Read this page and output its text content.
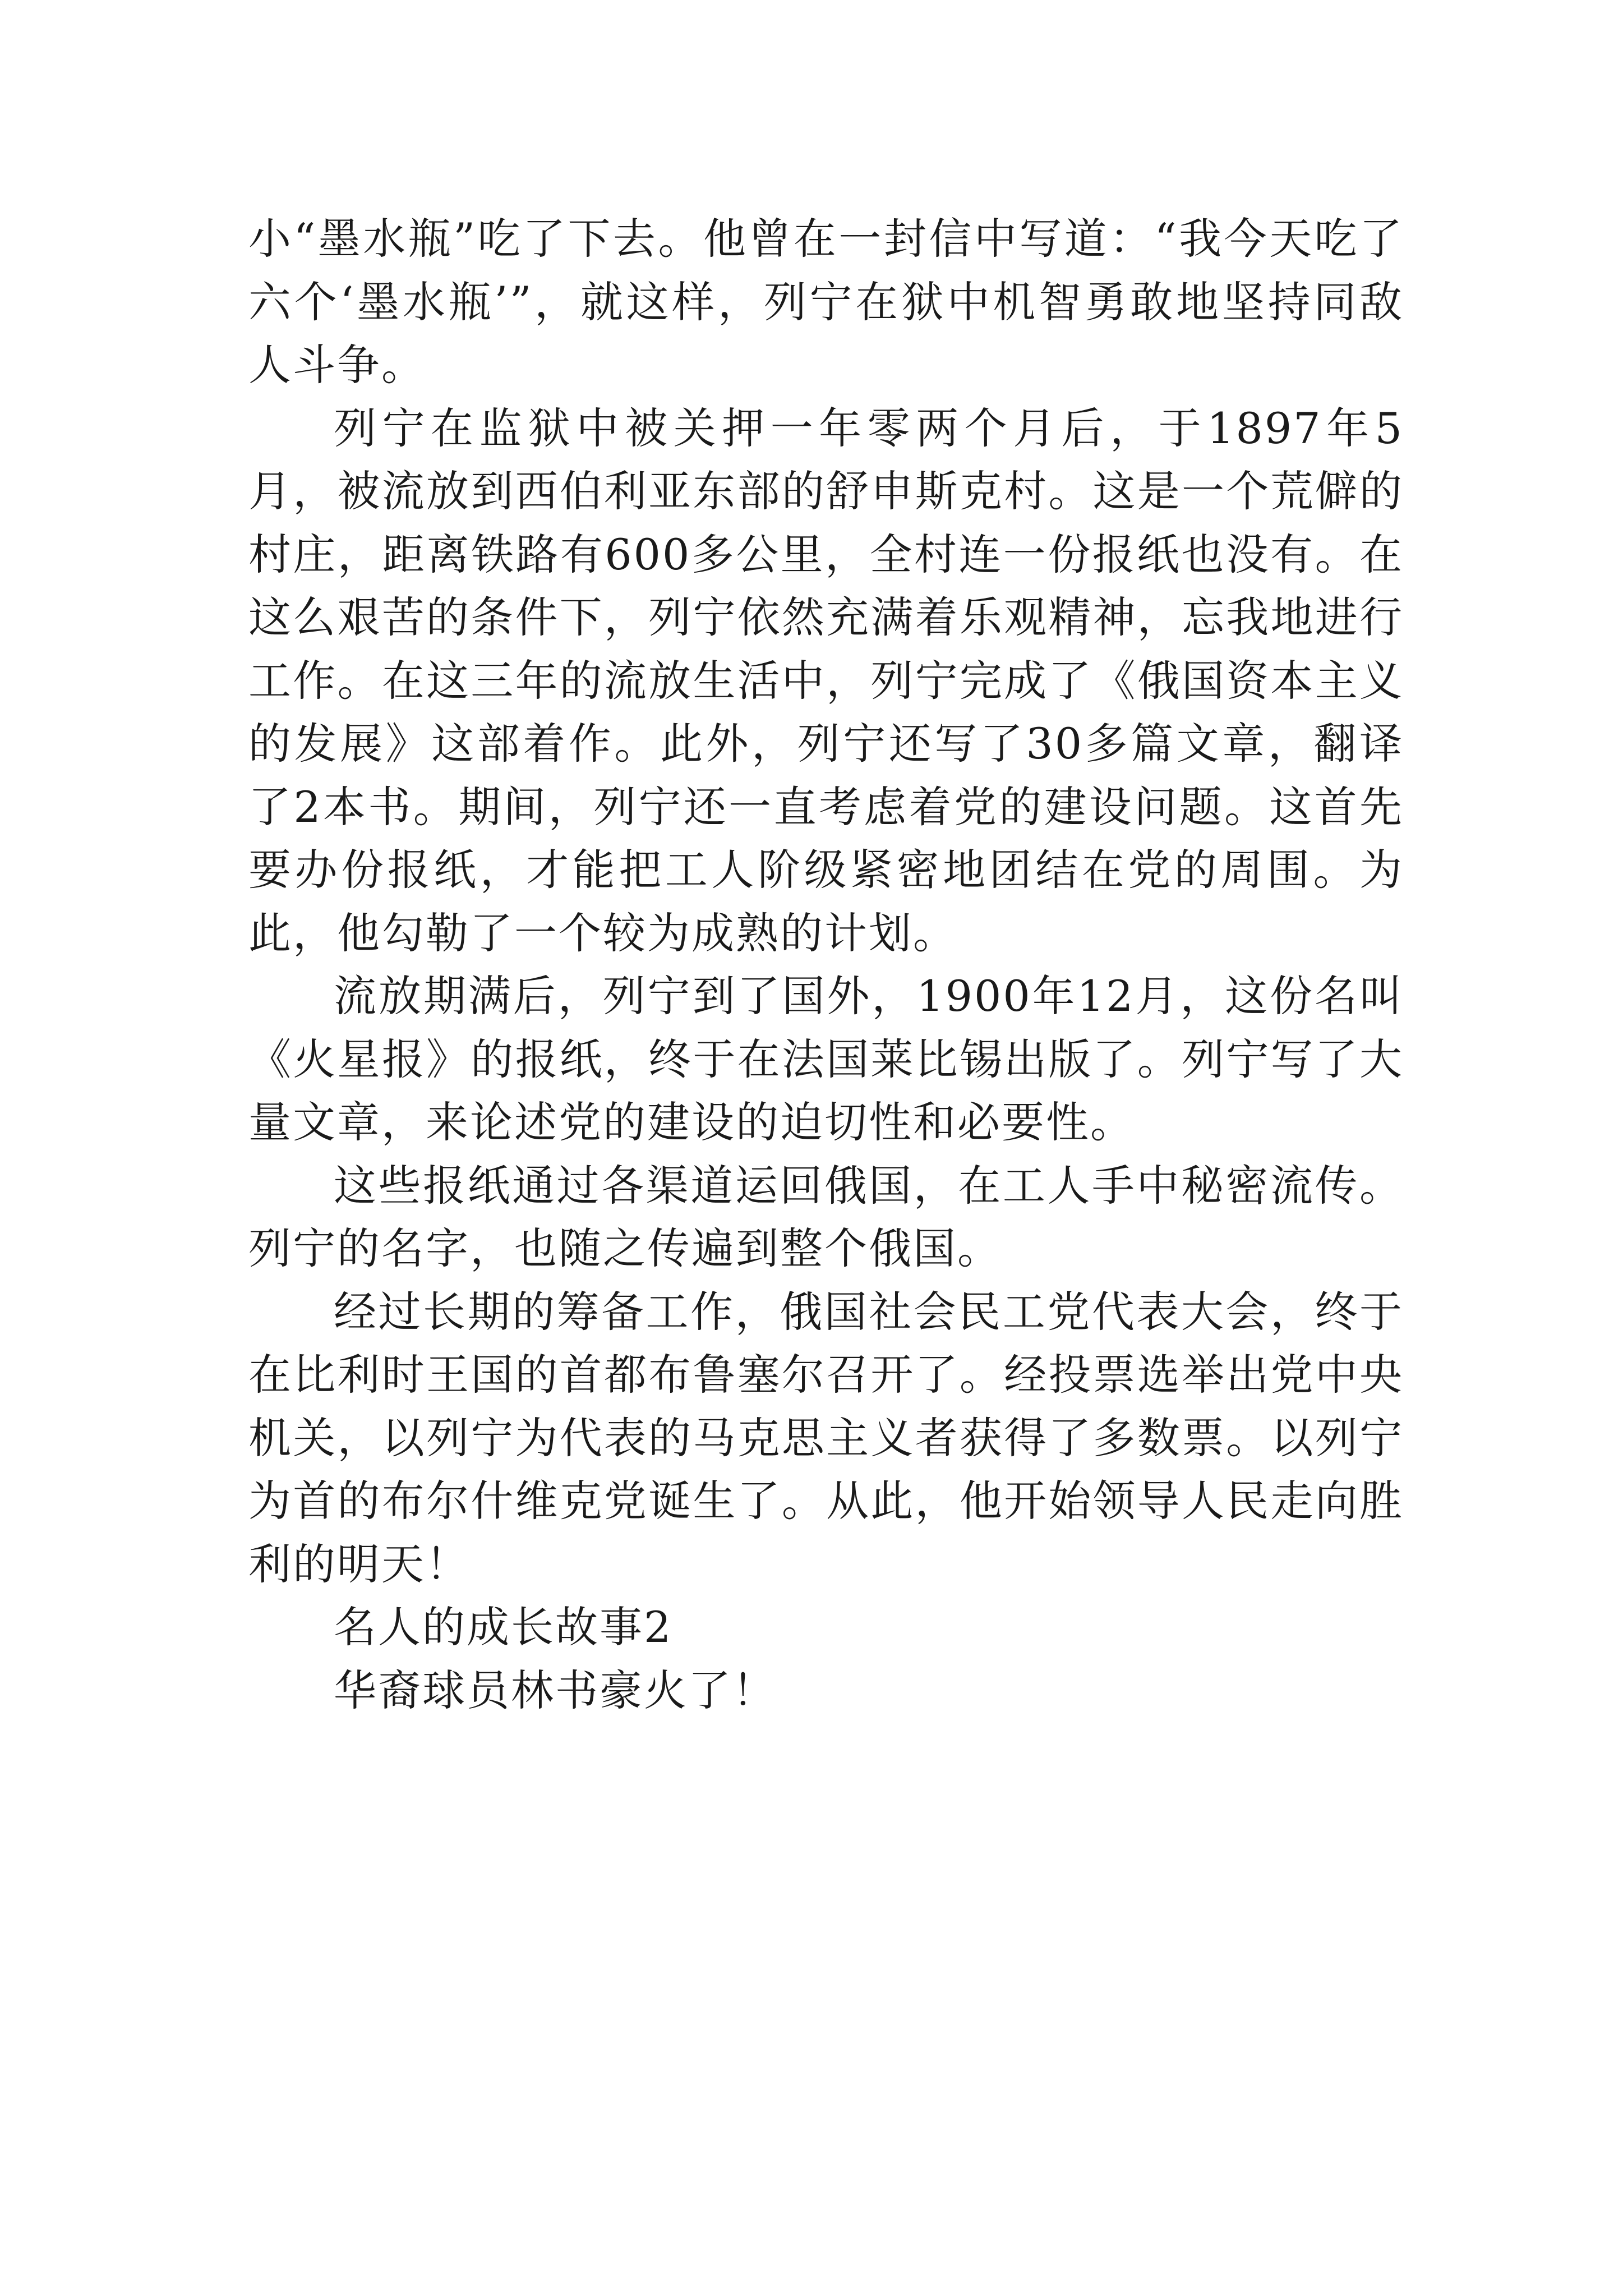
小“墨水瓶”吃了下去。他曾在一封信中写道：“我今天吃了六个‘墨水瓶’”，就这样，列宁在狱中机智勇敢地坚持同敌人斗争。

列宁在监狱中被关押一年零两个月后，于1897年5月，被流放到西伯利亚东部的舒申斯克村。这是一个荒僻的村庄，距离铁路有600多公里，全村连一份报纸也没有。在这么艰苦的条件下，列宁依然充满着乐观精神，忘我地进行工作。在这三年的流放生活中，列宁完成了《俄国资本主义的发展》这部着作。此外，列宁还写了30多篇文章，翻译了2本书。期间，列宁还一直考虑着党的建设问题。这首先要办份报纸，才能把工人阶级紧密地团结在党的周围。为此，他勾勒了一个较为成熟的计划。

流放期满后，列宁到了国外，1900年12月，这份名叫《火星报》的报纸，终于在法国莱比锡出版了。列宁写了大量文章，来论述党的建设的迫切性和必要性。

这些报纸通过各渠道运回俄国，在工人手中秘密流传。列宁的名字，也随之传遍到整个俄国。

经过长期的筹备工作，俄国社会民工党代表大会，终于在比利时王国的首都布鲁塞尔召开了。经投票选举出党中央机关，以列宁为代表的马克思主义者获得了多数票。以列宁为首的布尔什维克党诞生了。从此，他开始领导人民走向胜利的明天！

名人的成长故事2

华裔球员林书豪火了！
